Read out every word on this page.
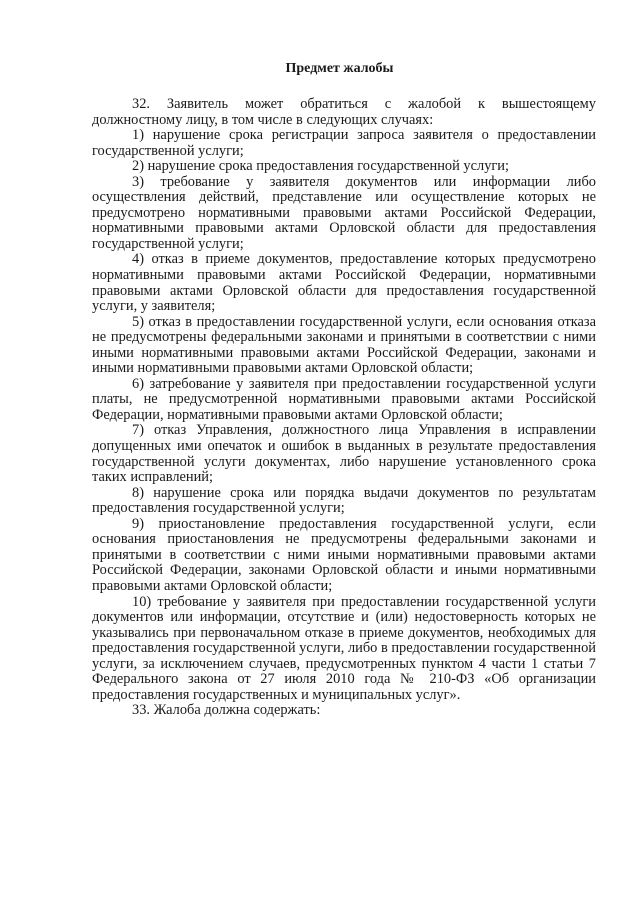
Предмет жалобы

32. Заявитель может обратиться с жалобой к вышестоящему должностному лицу, в том числе в следующих случаях:

1) нарушение срока регистрации запроса заявителя о предоставлении государственной услуги;

2) нарушение срока предоставления государственной услуги;

3) требование у заявителя документов или информации либо осуществления действий, представление или осуществление которых не предусмотрено нормативными правовыми актами Российской Федерации, нормативными правовыми актами Орловской области для предоставления государственной услуги;

4) отказ в приеме документов, предоставление которых предусмотрено нормативными правовыми актами Российской Федерации, нормативными правовыми актами Орловской области для предоставления государственной услуги, у заявителя;

5) отказ в предоставлении государственной услуги, если основания отказа не предусмотрены федеральными законами и принятыми в соответствии с ними иными нормативными правовыми актами Российской Федерации, законами и иными нормативными правовыми актами Орловской области;

6) затребование у заявителя при предоставлении государственной услуги платы, не предусмотренной нормативными правовыми актами Российской Федерации, нормативными правовыми актами Орловской области;

7) отказ Управления, должностного лица Управления в исправлении допущенных ими опечаток и ошибок в выданных в результате предоставления государственной услуги документах, либо нарушение установленного срока таких исправлений;

8) нарушение срока или порядка выдачи документов по результатам предоставления государственной услуги;

9) приостановление предоставления государственной услуги, если основания приостановления не предусмотрены федеральными законами и принятыми в соответствии с ними иными нормативными правовыми актами Российской Федерации, законами Орловской области и иными нормативными правовыми актами Орловской области;

10) требование у заявителя при предоставлении государственной услуги документов или информации, отсутствие и (или) недостоверность которых не указывались при первоначальном отказе в приеме документов, необходимых для предоставления государственной услуги, либо в предоставлении государственной услуги, за исключением случаев, предусмотренных пунктом 4 части 1 статьи 7 Федерального закона от 27 июля 2010 года № 210-ФЗ «Об организации предоставления государственных и муниципальных услуг».

33. Жалоба должна содержать:
